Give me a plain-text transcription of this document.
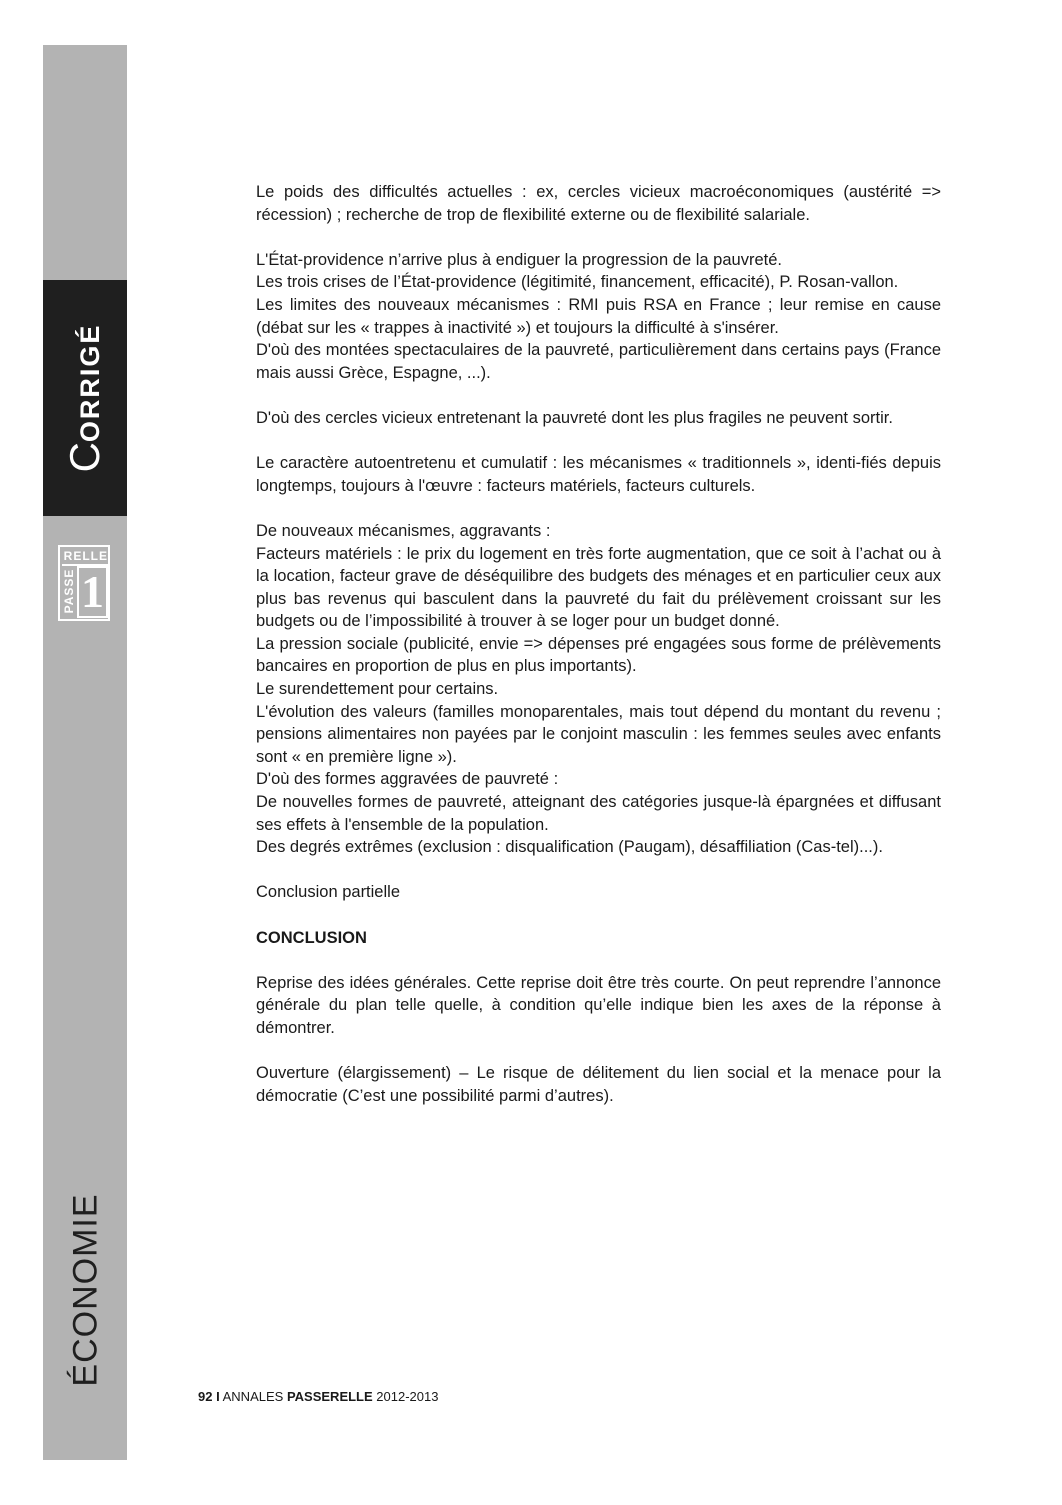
CORRIGÉ
RELLE
PASSE 1
ÉCONOMIE

Le poids des difficultés actuelles : ex, cercles vicieux macroéconomiques (austérité => récession) ; recherche de trop de flexibilité externe ou de flexibilité salariale.

L'État-providence n’arrive plus à endiguer la progression de la pauvreté.

Les trois crises de l’État-providence (légitimité, financement, efficacité), P. Rosan-vallon.

Les limites des nouveaux mécanismes : RMI puis RSA en France ; leur remise en cause (débat sur les « trappes à inactivité ») et toujours la difficulté à s'insérer.

D'où des montées spectaculaires de la pauvreté, particulièrement dans certains pays (France mais aussi Grèce, Espagne, ...).

D'où des cercles vicieux entretenant la pauvreté dont les plus fragiles ne peuvent sortir.

Le caractère autoentretenu et cumulatif : les mécanismes « traditionnels », identi-fiés depuis longtemps, toujours à l'œuvre : facteurs matériels, facteurs culturels.

De nouveaux mécanismes, aggravants :

Facteurs matériels : le prix du logement en très forte augmentation, que ce soit à l’achat ou à la location, facteur grave de déséquilibre des budgets des ménages et en particulier ceux aux plus bas revenus qui basculent dans la pauvreté du fait du prélèvement croissant sur les budgets ou de l’impossibilité à trouver à se loger pour un budget donné.

La pression sociale (publicité, envie => dépenses pré engagées sous forme de prélèvements bancaires en proportion de plus en plus importants).

Le surendettement pour certains.

L'évolution des valeurs (familles monoparentales, mais tout dépend du montant du revenu ; pensions alimentaires non payées par le conjoint masculin : les femmes seules avec enfants sont « en première ligne »).

D'où des formes aggravées de pauvreté :

De nouvelles formes de pauvreté, atteignant des catégories jusque-là épargnées et diffusant ses effets à l'ensemble de la population.

Des degrés extrêmes (exclusion : disqualification (Paugam), désaffiliation (Cas-tel)...).

Conclusion partielle

CONCLUSION

Reprise des idées générales. Cette reprise doit être très courte. On peut reprendre l’annonce générale du plan telle quelle, à condition qu’elle indique bien les axes de la réponse à démontrer.

Ouverture (élargissement) – Le risque de délitement du lien social et la menace pour la démocratie (C’est une possibilité parmi d’autres).

92 I ANNALES PASSERELLE 2012-2013
